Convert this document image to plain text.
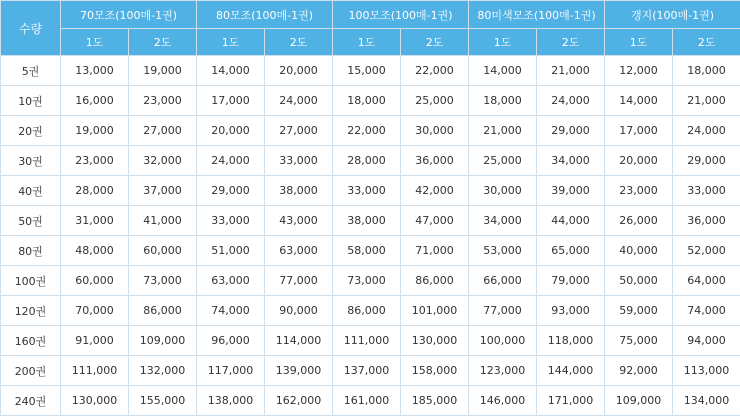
수량	70모조(100매-1권)		80모조(100매-1권)		100모조(100매-1권)		80미색모조(100매-1권)		갱지(100매-1권)	
	1도	2도	1도	2도	1도	2도	1도	2도	1도	2도
5권	13,000	19,000	14,000	20,000	15,000	22,000	14,000	21,000	12,000	18,000
10권	16,000	23,000	17,000	24,000	18,000	25,000	18,000	24,000	14,000	21,000
20권	19,000	27,000	20,000	27,000	22,000	30,000	21,000	29,000	17,000	24,000
30권	23,000	32,000	24,000	33,000	28,000	36,000	25,000	34,000	20,000	29,000
40권	28,000	37,000	29,000	38,000	33,000	42,000	30,000	39,000	23,000	33,000
50권	31,000	41,000	33,000	43,000	38,000	47,000	34,000	44,000	26,000	36,000
80권	48,000	60,000	51,000	63,000	58,000	71,000	53,000	65,000	40,000	52,000
100권	60,000	73,000	63,000	77,000	73,000	86,000	66,000	79,000	50,000	64,000
120권	70,000	86,000	74,000	90,000	86,000	101,000	77,000	93,000	59,000	74,000
160권	91,000	109,000	96,000	114,000	111,000	130,000	100,000	118,000	75,000	94,000
200권	111,000	132,000	117,000	139,000	137,000	158,000	123,000	144,000	92,000	113,000
240권	130,000	155,000	138,000	162,000	161,000	185,000	146,000	171,000	109,000	134,000
